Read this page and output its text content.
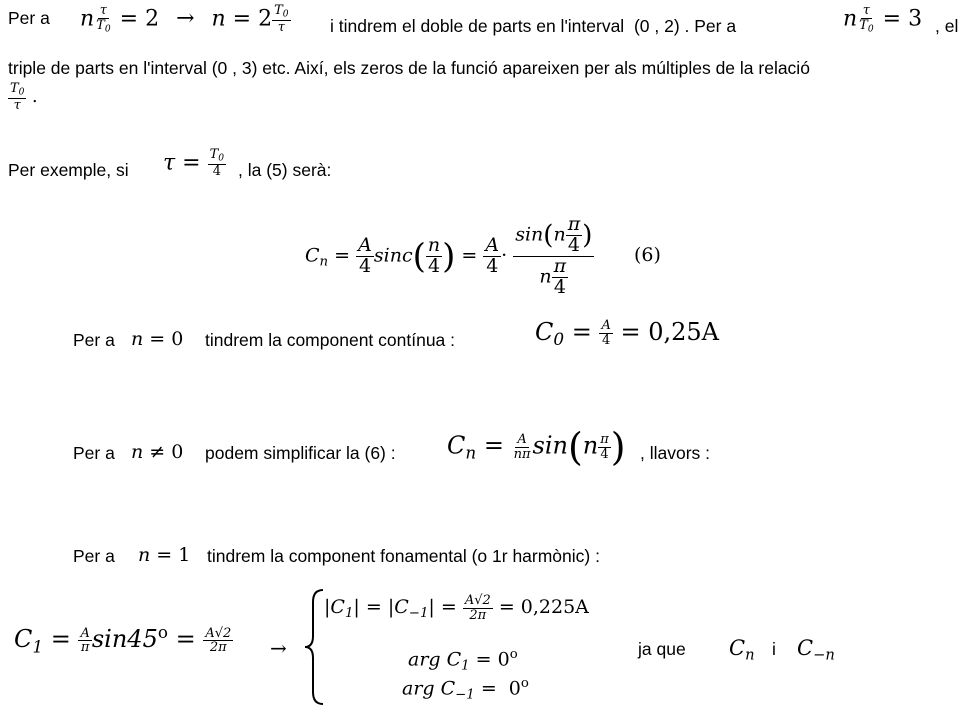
Per a n $\frac{\tau}{T_0} = 2 \to n = 2 \frac{T_0}{\tau}$ i tindrem el doble de parts en l'interval (0 , 2) . Per a	n $\frac{\tau}{T_0} = 3$ , el
triple de parts en l'interval (0 , 3) etc. Així, els zeros de la funció apareixen per als múltiples de la relació
$\frac{T_0}{\tau}$ .
Per exemple, si $\tau = \frac{T_0}{4}$ , la (5) serà:
$C_n = \frac{A}{4} \sin c( \frac{n}{4}$ ) = $\frac{A}{4} \cdot \frac{\sin(n \frac{\pi}{4} )}{n \frac{\pi}{4}} (6)$
Per a n = 0 tindrem la component contínua :	$C_0 = \frac{A}{4} = 0,25A$
Per a n ≠ 0 podem simplificar la (6) : $C_n = \frac{A}{n\pi} \sin(n \frac{\pi}{4}$ ) , llavors :
Per a n = 1 tindrem la component fonamental (o 1r harmònic) :
$C_1 = \frac{A}{\pi} \sin 45^o = \frac{A√2}{2\pi}$ →
$|C_1| = |C_{-1}| = \frac{A√2}{2\pi} = 0,225A$
arg $C_1 = 0^o$
arg $C_{-1} = 0^o$
ja que $C_n$ i $C_{-n}$
